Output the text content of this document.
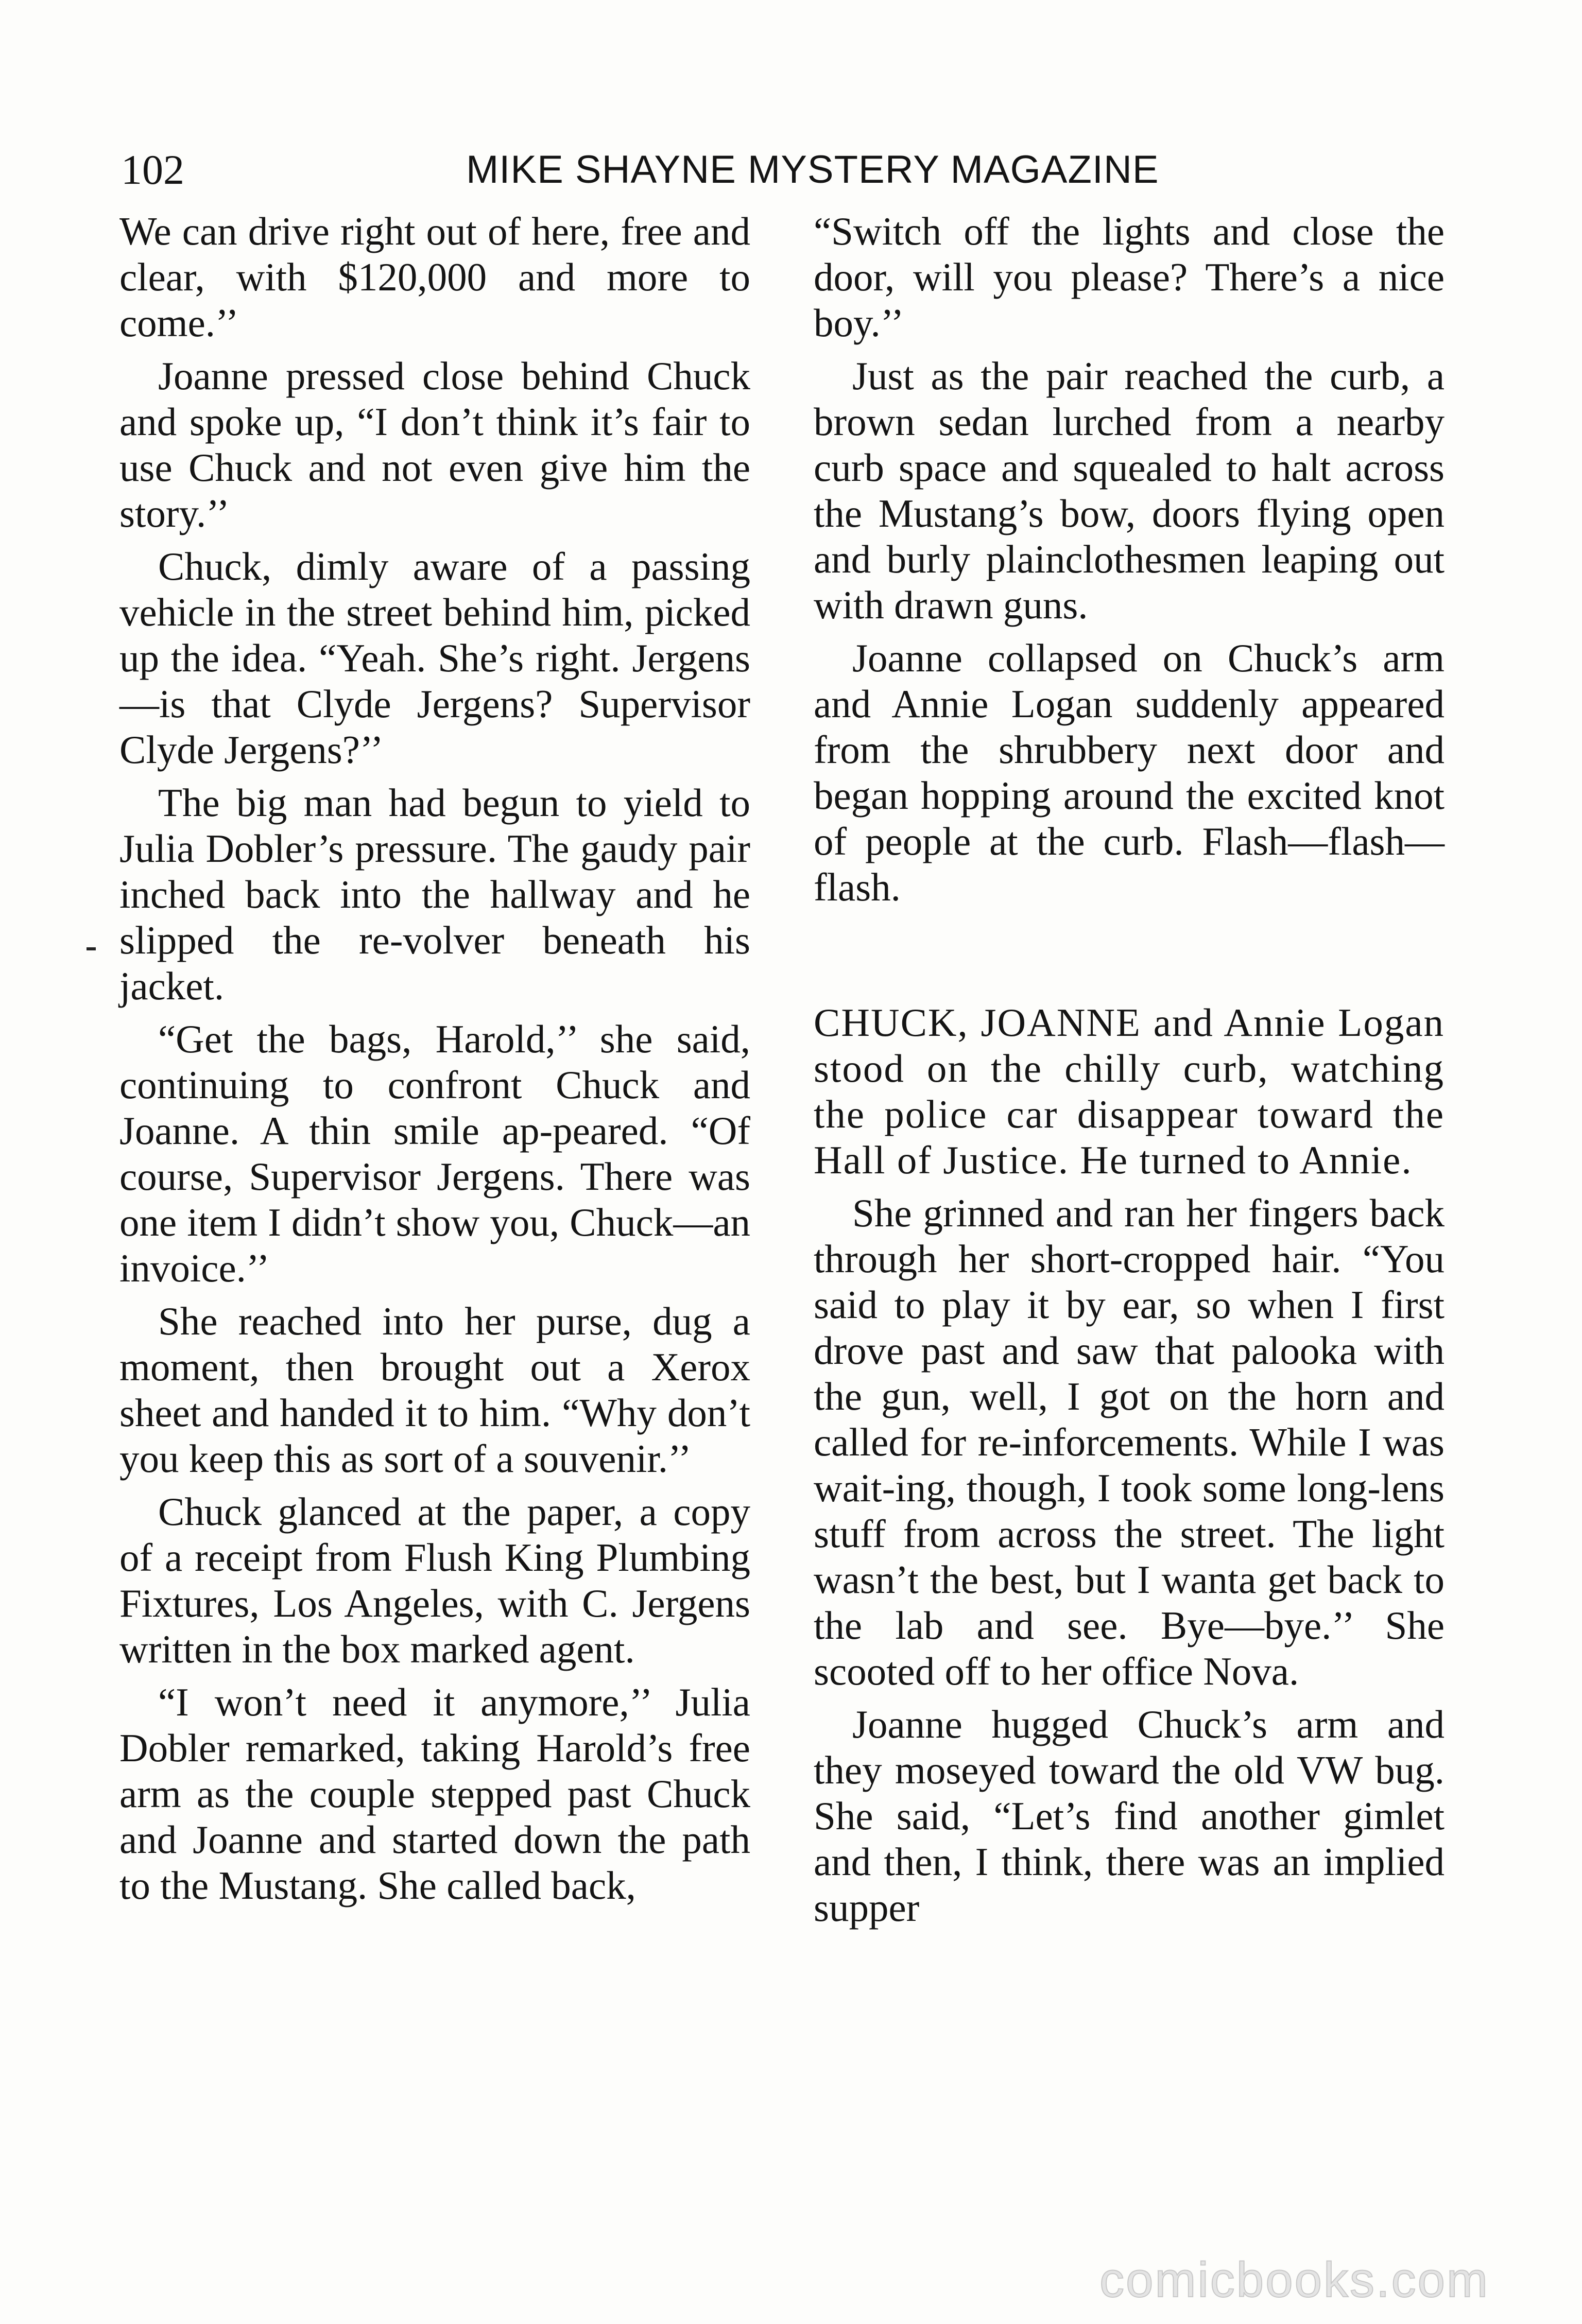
102	MIKE SHAYNE MYSTERY MAGAZINE

We can drive right out of here, free and clear, with $120,000 and more to come.’’

Joanne pressed close behind Chuck and spoke up, “I don’t think it’s fair to use Chuck and not even give him the story.’’

Chuck, dimly aware of a passing vehicle in the street behind him, picked up the idea. “Yeah. She’s right. Jergens—is that Clyde Jergens? Supervisor Clyde Jergens?’’

The big man had begun to yield to Julia Dobler’s pressure. The gaudy pair inched back into the hallway and he slipped the re-volver beneath his jacket.

“Get the bags, Harold,’’ she said, continuing to confront Chuck and Joanne. A thin smile ap-peared. “Of course, Supervisor Jergens. There was one item I didn’t show you, Chuck—an invoice.’’

She reached into her purse, dug a moment, then brought out a Xerox sheet and handed it to him. “Why don’t you keep this as sort of a souvenir.’’

Chuck glanced at the paper, a copy of a receipt from Flush King Plumbing Fixtures, Los Angeles, with C. Jergens written in the box marked agent.

“I won’t need it anymore,’’ Julia Dobler remarked, taking Harold’s free arm as the couple stepped past Chuck and Joanne and started down the path to the Mustang. She called back,

“Switch off the lights and close the door, will you please? There’s a nice boy.’’

Just as the pair reached the curb, a brown sedan lurched from a nearby curb space and squealed to halt across the Mustang’s bow, doors flying open and burly plainclothesmen leaping out with drawn guns.

Joanne collapsed on Chuck’s arm and Annie Logan suddenly appeared from the shrubbery next door and began hopping around the excited knot of people at the curb. Flash—flash—flash.

CHUCK, JOANNE and Annie Logan stood on the chilly curb, watching the police car disappear toward the Hall of Justice. He turned to Annie.

She grinned and ran her fingers back through her short-cropped hair. “You said to play it by ear, so when I first drove past and saw that palooka with the gun, well, I got on the horn and called for re-inforcements. While I was wait-ing, though, I took some long-lens stuff from across the street. The light wasn’t the best, but I wanta get back to the lab and see. Bye—bye.’’ She scooted off to her office Nova.

Joanne hugged Chuck’s arm and they moseyed toward the old VW bug. She said, “Let’s find another gimlet and then, I think, there was an implied supper

comicbooks.com
